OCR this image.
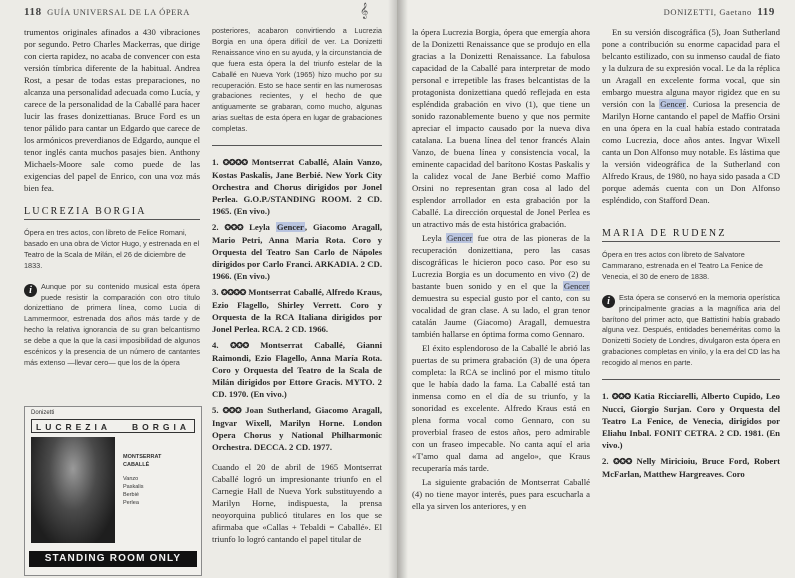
118 GUÍA UNIVERSAL DE LA ÓPERA	𝄞

trumentos originales afinados a 430 vibraciones por segundo. Petro Charles Mackerras, que dirige con cierta rapidez, no acaba de convencer con esta versión tímbrica diferente de la habitual. Andrea Rost, a pesar de todas estas preparaciones, no alcanza una personalidad adecuada como Lucía, y carece de la personalidad de la Caballé para hacer lucir las frases donizettianas. Bruce Ford es un tenor pálido para cantar un Edgardo que carece de los armónicos preverdianos de Edgardo, aunque el tenor inglés canta muchos pasajes bien. Anthony Michaels-Moore sale como puede de las exigencias del papel de Enrico, con una voz más bien fea.

LUCREZIA BORGIA

Ópera en tres actos, con libreto de Felice Romani, basado en una obra de Victor Hugo, y estrenada en el Teatro de la Scala de Milán, el 26 de diciembre de 1833.

i	Aunque por su contenido musical esta ópera puede resistir la comparación con otro título donizettiano de primera línea, como Lucia di Lammermoor, estrenada dos años más tarde y de hecho la relativa ignorancia de su gran belcantismo se debe a que la que la casi imposibilidad de algunos escénicos y la presencia de un número de cantantes más extenso —llevar cero— que los de la ópera

Donizetti
LUCREZIA BORGIA
MONTSERRAT
CABALLÉ
Vanzo
Paskalis
Berbié
Perlea
STANDING ROOM ONLY

posteriores, acabaron convirtiendo a Lucrezia Borgia en una ópera difícil de ver. La Donizetti Renaissance vino en su ayuda, y la circunstancia de que fuera esta ópera la del triunfo estelar de la Caballé en Nueva York (1965) hizo mucho por su recuperación. Esto se hace sentir en las numerosas grabaciones recientes, y el hecho de que antiguamente se grabaran, como mucho, algunas arias sueltas de esta ópera en lugar de grabaciones completas.

1. ✪✪✪✪ Montserrat Caballé, Alain Vanzo, Kostas Paskalis, Jane Berbié. New York City Orchestra and Chorus dirigidos por Jonel Perlea. G.O.P./STANDING ROOM. 2 CD. 1965. (En vivo.)
2. ✪✪✪ Leyla Gencer, Giacomo Aragall, Mario Petri, Anna Maria Rota. Coro y Orquesta del Teatro San Carlo de Nápoles dirigidos por Carlo Franci. ARKADIA. 2 CD. 1966. (En vivo.)
3. ✪✪✪✪ Montserrat Caballé, Alfredo Kraus, Ezio Flagello, Shirley Verrett. Coro y Orquesta de la RCA Italiana dirigidos por Jonel Perlea. RCA. 2 CD. 1966.
4. ✪✪✪ Montserrat Caballé, Gianni Raimondi, Ezio Flagello, Anna María Rota. Coro y Orquesta del Teatro de la Scala de Milán dirigidos por Ettore Gracis. MYTO. 2 CD. 1970. (En vivo.)
5. ✪✪✪ Joan Sutherland, Giacomo Aragall, Ingvar Wixell, Marilyn Horne. London Opera Chorus y National Philharmonic Orchestra. DECCA. 2 CD. 1977.

Cuando el 20 de abril de 1965 Montserrat Caballé logró un impresionante triunfo en el Carnegie Hall de Nueva York substituyendo a Marilyn Horne, indispuesta, la prensa neoyorquina publicó titulares en los que se afirmaba que «Callas + Tebaldi = Caballé». El triunfo lo logró cantando el papel titular de

DONIZETTI, Gaetano 119

la ópera Lucrezia Borgia, ópera que emergía ahora de la Donizetti Renaissance que se produjo en ella gracias a la Donizetti Renaissance. La fabulosa capacidad de la Caballé para interpretar de modo personal e irrepetible las frases belcantistas de la protagonista donizettiana quedó reflejada en esta espléndida grabación en vivo (1), que tiene un sonido razonablemente bueno y que nos permite apreciar el impacto causado por la nueva diva catalana. La buena línea del tenor francés Alain Vanzo, de buena línea y consistencia vocal, la eminente capacidad del barítono Kostas Paskalis y la calidez vocal de Jane Berbié como Maffio Orsini no representan gran cosa al lado del esplendor arrollador en esta grabación por la Caballé. La dirección orquestal de Jonel Perlea es un atractivo más de esta histórica grabación.

Leyla Gencer fue otra de las pioneras de la recuperación donizettiana, pero las casas discográficas le hicieron poco caso. Por eso su Lucrezia Borgia es un documento en vivo (2) de bastante buen sonido y en el que la Gencer demuestra su especial gusto por el canto, con su vocalidad de gran clase. A su lado, el gran tenor catalán Jaume (Giacomo) Aragall, demuestra también hallarse en óptima forma como Gennaro.

El éxito esplendoroso de la Caballé le abrió las puertas de su primera grabación (3) de una ópera completa: la RCA se inclinó por el mismo título que le había dado la fama. La Caballé está tan inmensa como en el día de su triunfo, y la sonoridad es excelente. Alfredo Kraus está en plena forma vocal como Gennaro, con su proverbial fraseo de estos años, pero admirable con un fraseo impecable. No canta aquí el aria «T'amo qual dama ad angelo», que Kraus recuperaría más tarde.

La siguiente grabación de Montserrat Caballé (4) no tiene mayor interés, pues para escucharla a ella ya sirven los anteriores, y en

En su versión discográfica (5), Joan Sutherland pone a contribución su enorme capacidad para el belcanto estilizado, con su inmenso caudal de fiato y la dulzura de su expresión vocal. Le da la réplica un Aragall en excelente forma vocal, que sin embargo muestra alguna mayor rigidez que en su versión con la Gencer. Curiosa la presencia de Marilyn Horne cantando el papel de Maffio Orsini en una ópera en la cual había estado contratada como Lucrezia, doce años antes. Ingvar Wixell canta un Don Alfonso muy notable. Es lástima que la versión videográfica de la Sutherland con Alfredo Kraus, de 1980, no haya sido pasada a CD porque además cuenta con un Don Alfonso espléndido, con Stafford Dean.

MARIA DE RUDENZ

Ópera en tres actos con libreto de Salvatore Cammarano, estrenada en el Teatro La Fenice de Venecia, el 30 de enero de 1838.

i	Esta ópera se conservó en la memoria operística principalmente gracias a la magnífica aria del barítono del primer acto, que Battistini había grabado alguna vez. Después, entidades beneméritas como la Donizetti Society de Londres, divulgaron esta ópera en grabaciones completas en vinilo, y la era del CD las ha recogido al menos en parte.

1. ✪✪✪ Katia Ricciarelli, Alberto Cupido, Leo Nucci, Giorgio Surjan. Coro y Orquesta del Teatro La Fenice, de Venecia, dirigidos por Eliahu Inbal. FONIT CETRA. 2 CD. 1981. (En vivo.)
2. ✪✪✪ Nelly Miricioiu, Bruce Ford, Robert McFarlan, Matthew Hargreaves. Coro
